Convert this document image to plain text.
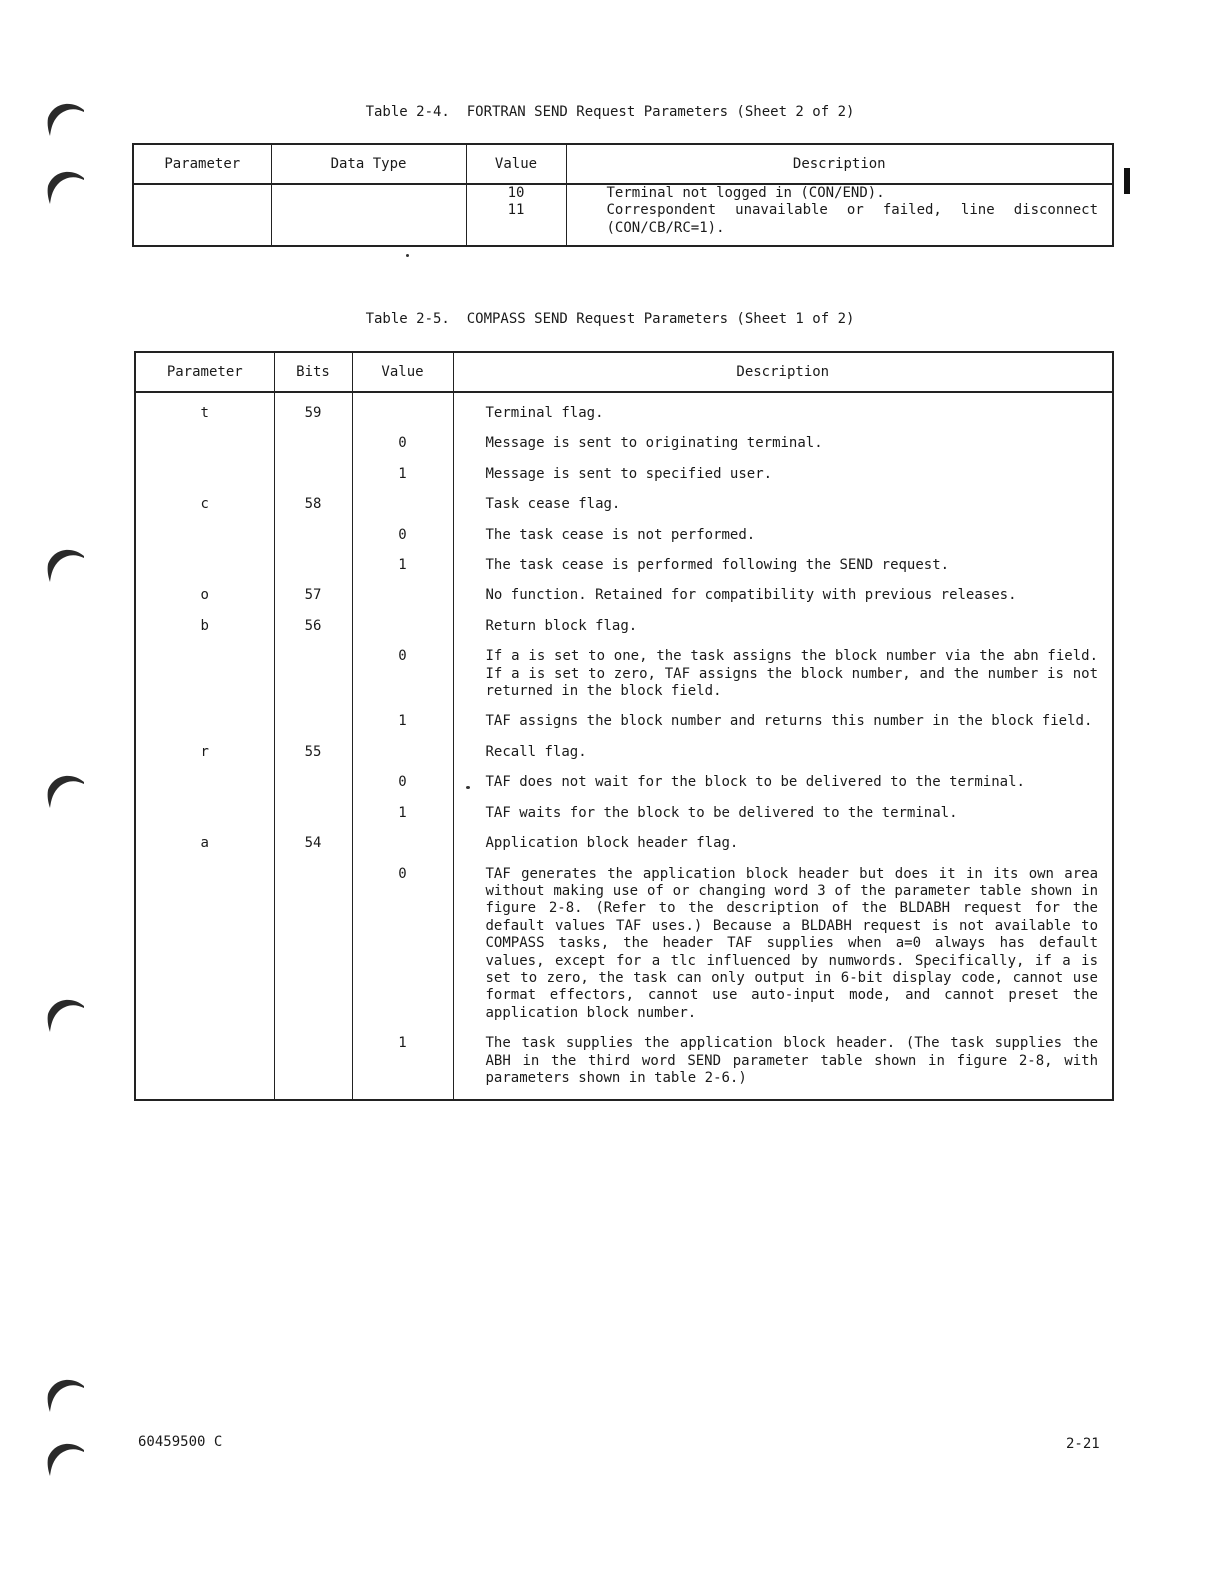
Table 2-4.  FORTRAN SEND Request Parameters (Sheet 2 of 2)
Parameter	Data Type	Value	Description
		10	Terminal not logged in (CON/END).
		11	Correspondent unavailable or failed, line disconnect (CON/CB/RC=1).
Table 2-5.  COMPASS SEND Request Parameters (Sheet 1 of 2)
Parameter	Bits	Value	Description
t	59		Terminal flag.
		0	Message is sent to originating terminal.
		1	Message is sent to specified user.
c	58		Task cease flag.
		0	The task cease is not performed.
		1	The task cease is performed following the SEND request.
o	57		No function. Retained for compatibility with previous releases.
b	56		Return block flag.
		0	If a is set to one, the task assigns the block number via the abn field. If a is set to zero, TAF assigns the block number, and the number is not returned in the block field.
		1	TAF assigns the block number and returns this number in the block field.
r	55		Recall flag.
		0	TAF does not wait for the block to be delivered to the terminal.
		1	TAF waits for the block to be delivered to the terminal.
a	54		Application block header flag.
		0	TAF generates the application block header but does it in its own area without making use of or changing word 3 of the parameter table shown in figure 2-8. (Refer to the description of the BLDABH request for the default values TAF uses.) Because a BLDABH request is not available to COMPASS tasks, the header TAF supplies when a=0 always has default values, except for a tlc influenced by numwords. Specifically, if a is set to zero, the task can only output in 6-bit display code, cannot use format effectors, cannot use auto-input mode, and cannot preset the application block number.
		1	The task supplies the application block header. (The task supplies the ABH in the third word SEND parameter table shown in figure 2-8, with parameters shown in table 2-6.)
60459500 C	2-21
